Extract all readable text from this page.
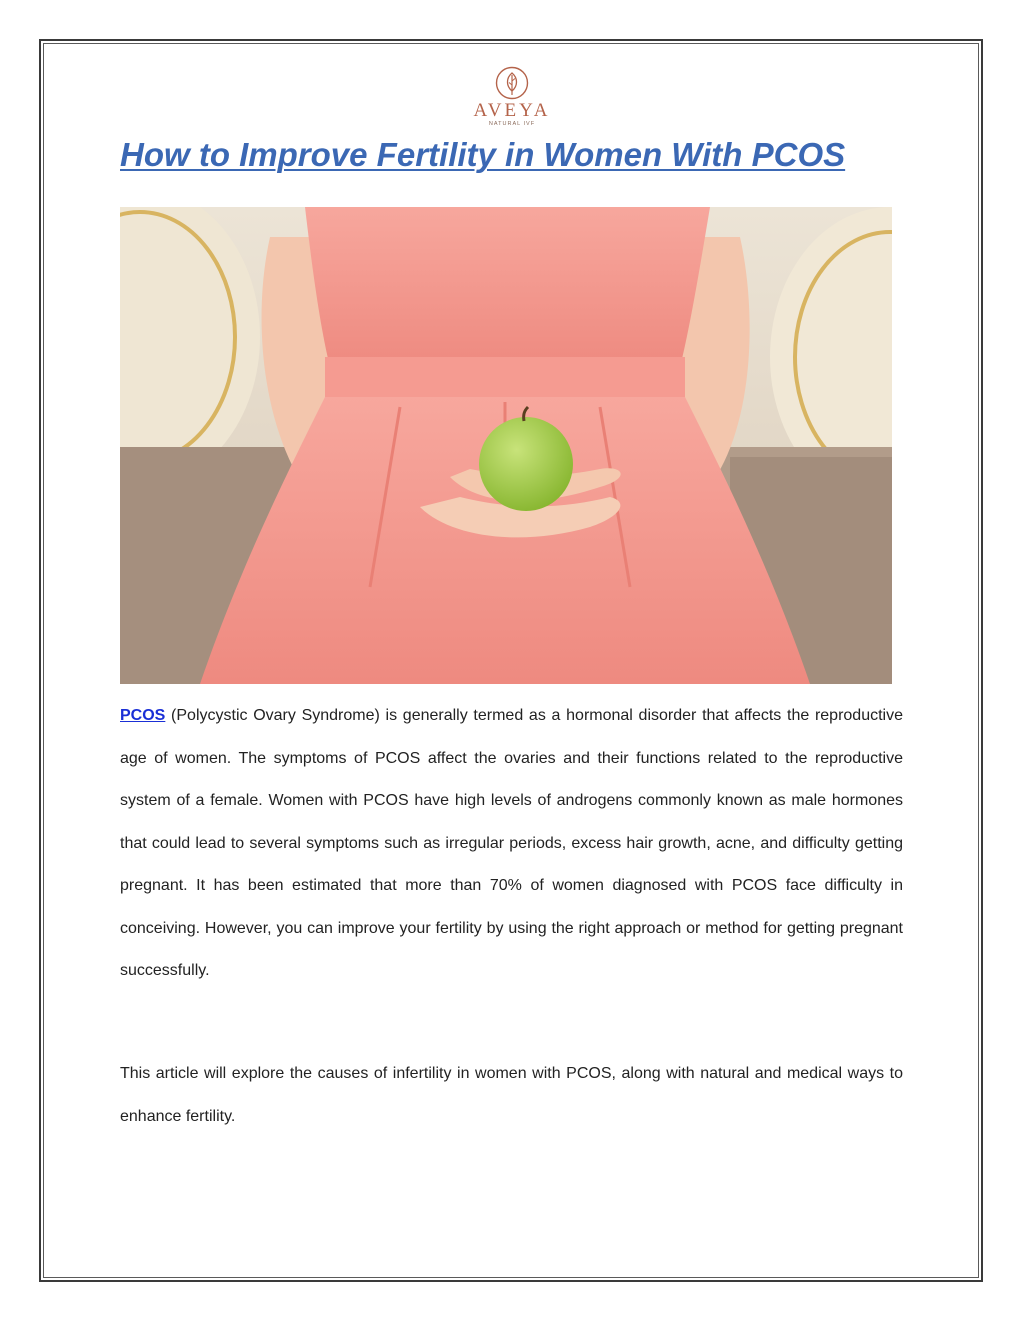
AVEYA
NATURAL IVF
How to Improve Fertility in Women With PCOS

PCOS (Polycystic Ovary Syndrome) is generally termed as a hormonal disorder that affects the reproductive age of women. The symptoms of PCOS affect the ovaries and their functions related to the reproductive system of a female. Women with PCOS have high levels of androgens commonly known as male hormones that could lead to several symptoms such as irregular periods, excess hair growth, acne, and difficulty getting pregnant. It has been estimated that more than 70% of women diagnosed with PCOS face difficulty in conceiving. However, you can improve your fertility by using the right approach or method for getting pregnant successfully.

This article will explore the causes of infertility in women with PCOS, along with natural and medical ways to enhance fertility.
